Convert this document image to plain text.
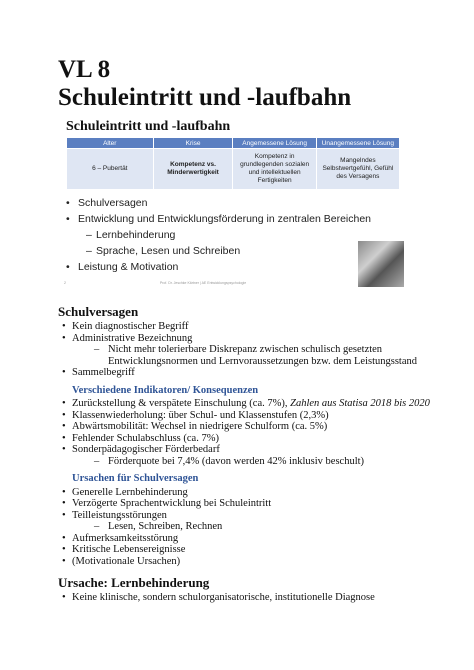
VL 8
Schuleintritt und -laufbahn
Schuleintritt und -laufbahn
Alter	Krise	Angemessene Lösung	Unangemessene Lösung
6 – Pubertät	Kompetenz vs. Minderwertigkeit	Kompetenz in grundlegenden sozialen und intellektuellen Fertigkeiten	Mangelndes Selbstwertgefühl, Gefühl des Versagens
• Schulversagen
• Entwicklung und Entwicklungsförderung in zentralen Bereichen
– Lernbehinderung
– Sprache, Lesen und Schreiben
• Leistung & Motivation
2	Prof. Dr. Jeschke Kärtner | AE Entwicklungspsychologie
Schulversagen
• Kein diagnostischer Begriff
• Administrative Bezeichnung
– Nicht mehr tolerierbare Diskrepanz zwischen schulisch gesetzten
Entwicklungsnormen und Lernvoraussetzungen bzw. dem Leistungsstand
• Sammelbegriff
Verschiedene Indikatoren/ Konsequenzen
• Zurückstellung & verspätete Einschulung (ca. 7%), Zahlen aus Statisa 2018 bis 2020
• Klassenwiederholung: über Schul- und Klassenstufen (2,3%)
• Abwärtsmobilität: Wechsel in niedrigere Schulform (ca. 5%)
• Fehlender Schulabschluss (ca. 7%)
• Sonderpädagogischer Förderbedarf
– Förderquote bei 7,4% (davon werden 42% inklusiv beschult)
Ursachen für Schulversagen
• Generelle Lernbehinderung
• Verzögerte Sprachentwicklung bei Schuleintritt
• Teilleistungsstörungen
– Lesen, Schreiben, Rechnen
• Aufmerksamkeitsstörung
• Kritische Lebensereignisse
• (Motivationale Ursachen)
Ursache: Lernbehinderung
• Keine klinische, sondern schulorganisatorische, institutionelle Diagnose
